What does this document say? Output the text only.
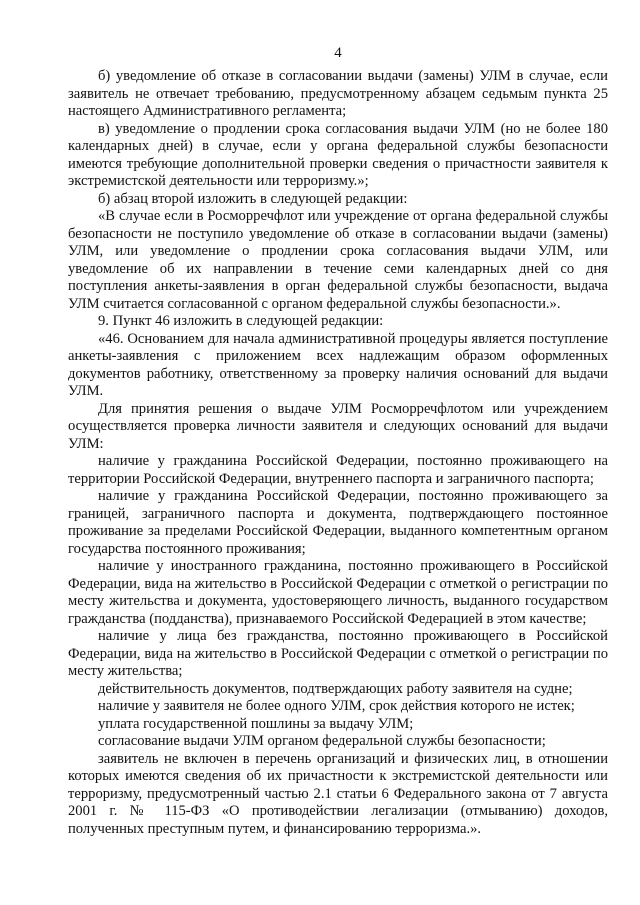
4

б) уведомление об отказе в согласовании выдачи (замены) УЛМ в случае, если заявитель не отвечает требованию, предусмотренному абзацем седьмым пункта 25 настоящего Административного регламента;

в) уведомление о продлении срока согласования выдачи УЛМ (но не более 180 календарных дней) в случае, если у органа федеральной службы безопасности имеются требующие дополнительной проверки сведения о причастности заявителя к экстремистской деятельности или терроризму.»;

б) абзац второй изложить в следующей редакции:

«В случае если в Росморречфлот или учреждение от органа федеральной службы безопасности не поступило уведомление об отказе в согласовании выдачи (замены) УЛМ, или уведомление о продлении срока согласования выдачи УЛМ, или уведомление об их направлении в течение семи календарных дней со дня поступления анкеты-заявления в орган федеральной службы безопасности, выдача УЛМ считается согласованной с органом федеральной службы безопасности.».

9. Пункт 46 изложить в следующей редакции:

«46. Основанием для начала административной процедуры является поступление анкеты-заявления с приложением всех надлежащим образом оформленных документов работнику, ответственному за проверку наличия оснований для выдачи УЛМ.

Для принятия решения о выдаче УЛМ Росморречфлотом или учреждением осуществляется проверка личности заявителя и следующих оснований для выдачи УЛМ:

наличие у гражданина Российской Федерации, постоянно проживающего на территории Российской Федерации, внутреннего паспорта и заграничного паспорта;

наличие у гражданина Российской Федерации, постоянно проживающего за границей, заграничного паспорта и документа, подтверждающего постоянное проживание за пределами Российской Федерации, выданного компетентным органом государства постоянного проживания;

наличие у иностранного гражданина, постоянно проживающего в Российской Федерации, вида на жительство в Российской Федерации с отметкой о регистрации по месту жительства и документа, удостоверяющего личность, выданного государством гражданства (подданства), признаваемого Российской Федерацией в этом качестве;

наличие у лица без гражданства, постоянно проживающего в Российской Федерации, вида на жительство в Российской Федерации с отметкой о регистрации по месту жительства;

действительность документов, подтверждающих работу заявителя на судне;

наличие у заявителя не более одного УЛМ, срок действия которого не истек;

уплата государственной пошлины за выдачу УЛМ;

согласование выдачи УЛМ органом федеральной службы безопасности;

заявитель не включен в перечень организаций и физических лиц, в отношении которых имеются сведения об их причастности к экстремистской деятельности или терроризму, предусмотренный частью 2.1 статьи 6 Федерального закона от 7 августа 2001 г. № 115-ФЗ «О противодействии легализации (отмыванию) доходов, полученных преступным путем, и финансированию терроризма.».
